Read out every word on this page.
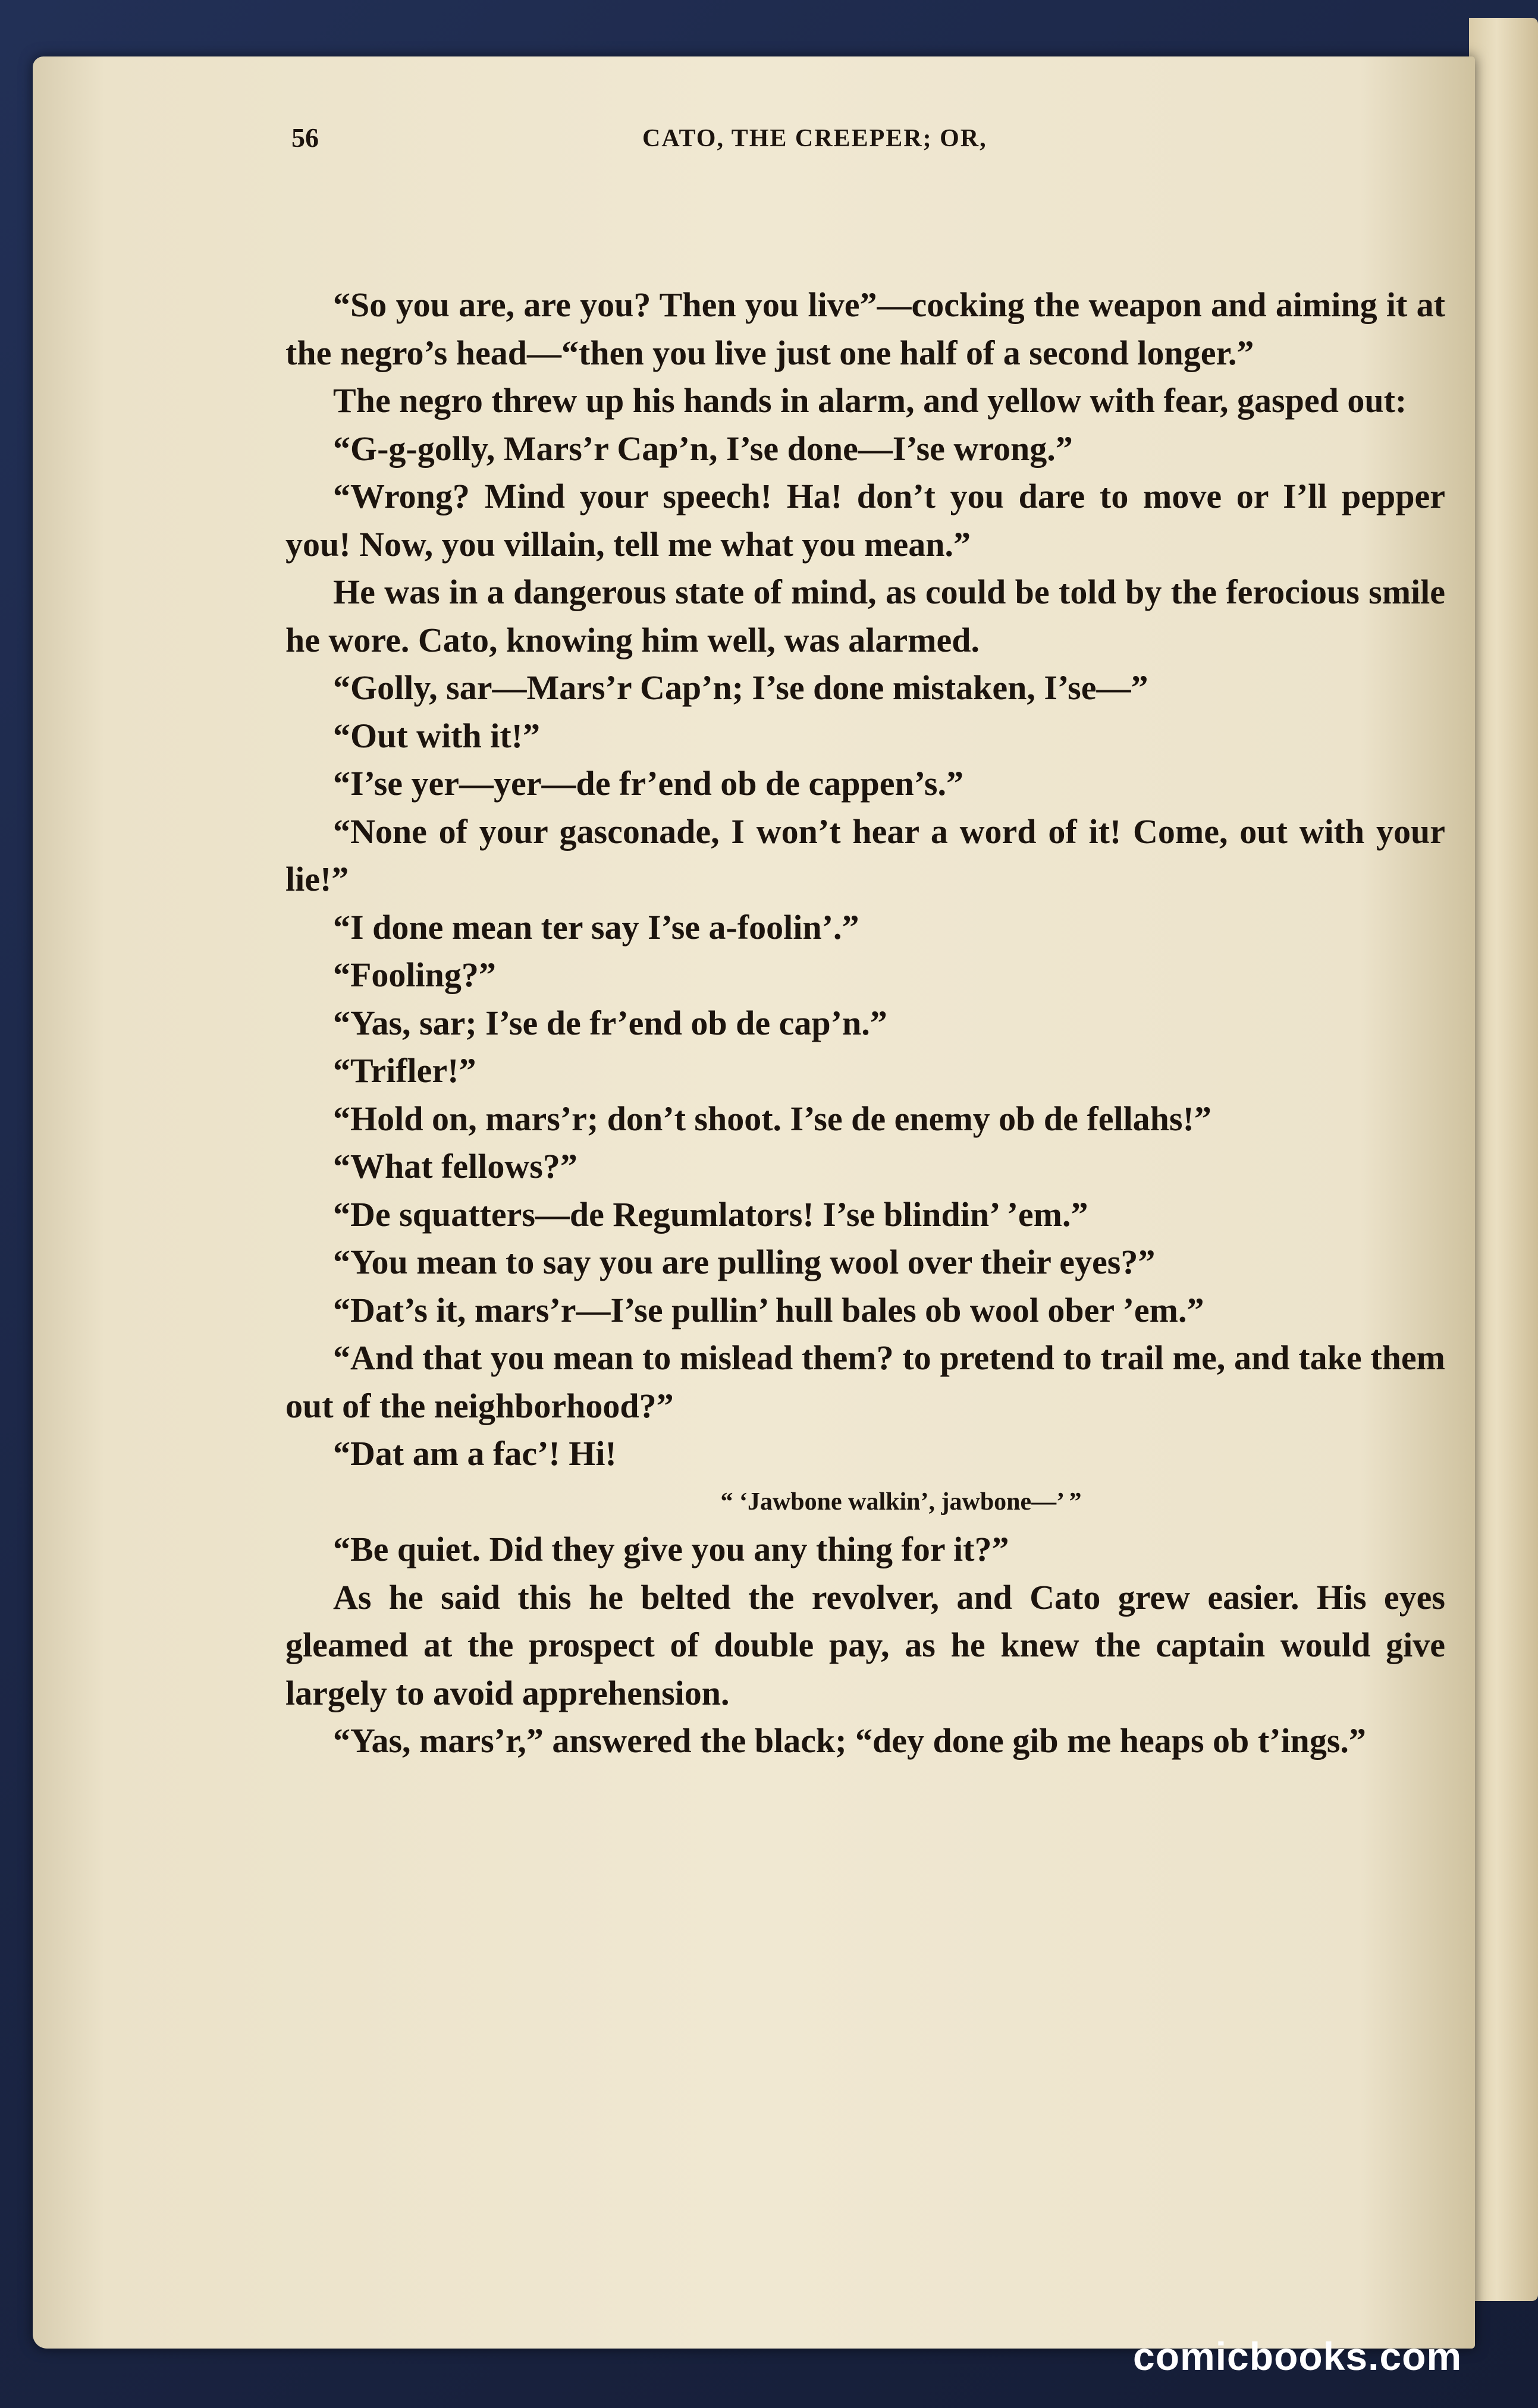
56	CATO, THE CREEPER; OR,

“So you are, are you? Then you live”—cocking the weapon and aiming it at the negro’s head—“then you live just one half of a second longer.”

The negro threw up his hands in alarm, and yellow with fear, gasped out:

“G-g-golly, Mars’r Cap’n, I’se done—I’se wrong.”

“Wrong? Mind your speech! Ha! don’t you dare to move or I’ll pepper you! Now, you villain, tell me what you mean.”

He was in a dangerous state of mind, as could be told by the ferocious smile he wore. Cato, knowing him well, was alarmed.

“Golly, sar—Mars’r Cap’n; I’se done mistaken, I’se—”

“Out with it!”

“I’se yer—yer—de fr’end ob de cappen’s.”

“None of your gasconade, I won’t hear a word of it! Come, out with your lie!”

“I done mean ter say I’se a-foolin’.”

“Fooling?”

“Yas, sar; I’se de fr’end ob de cap’n.”

“Trifler!”

“Hold on, mars’r; don’t shoot. I’se de enemy ob de fellahs!”

“What fellows?”

“De squatters—de Regumlators! I’se blindin’ ’em.”

“You mean to say you are pulling wool over their eyes?”

“Dat’s it, mars’r—I’se pullin’ hull bales ob wool ober ’em.”

“And that you mean to mislead them? to pretend to trail me, and take them out of the neighborhood?”

“Dat am a fac’! Hi!

“ ‘Jawbone walkin’, jawbone—’ ”

“Be quiet. Did they give you any thing for it?”

As he said this he belted the revolver, and Cato grew easier. His eyes gleamed at the prospect of double pay, as he knew the captain would give largely to avoid apprehension.

“Yas, mars’r,” answered the black; “dey done gib me heaps ob t’ings.”

comicbooks.com
